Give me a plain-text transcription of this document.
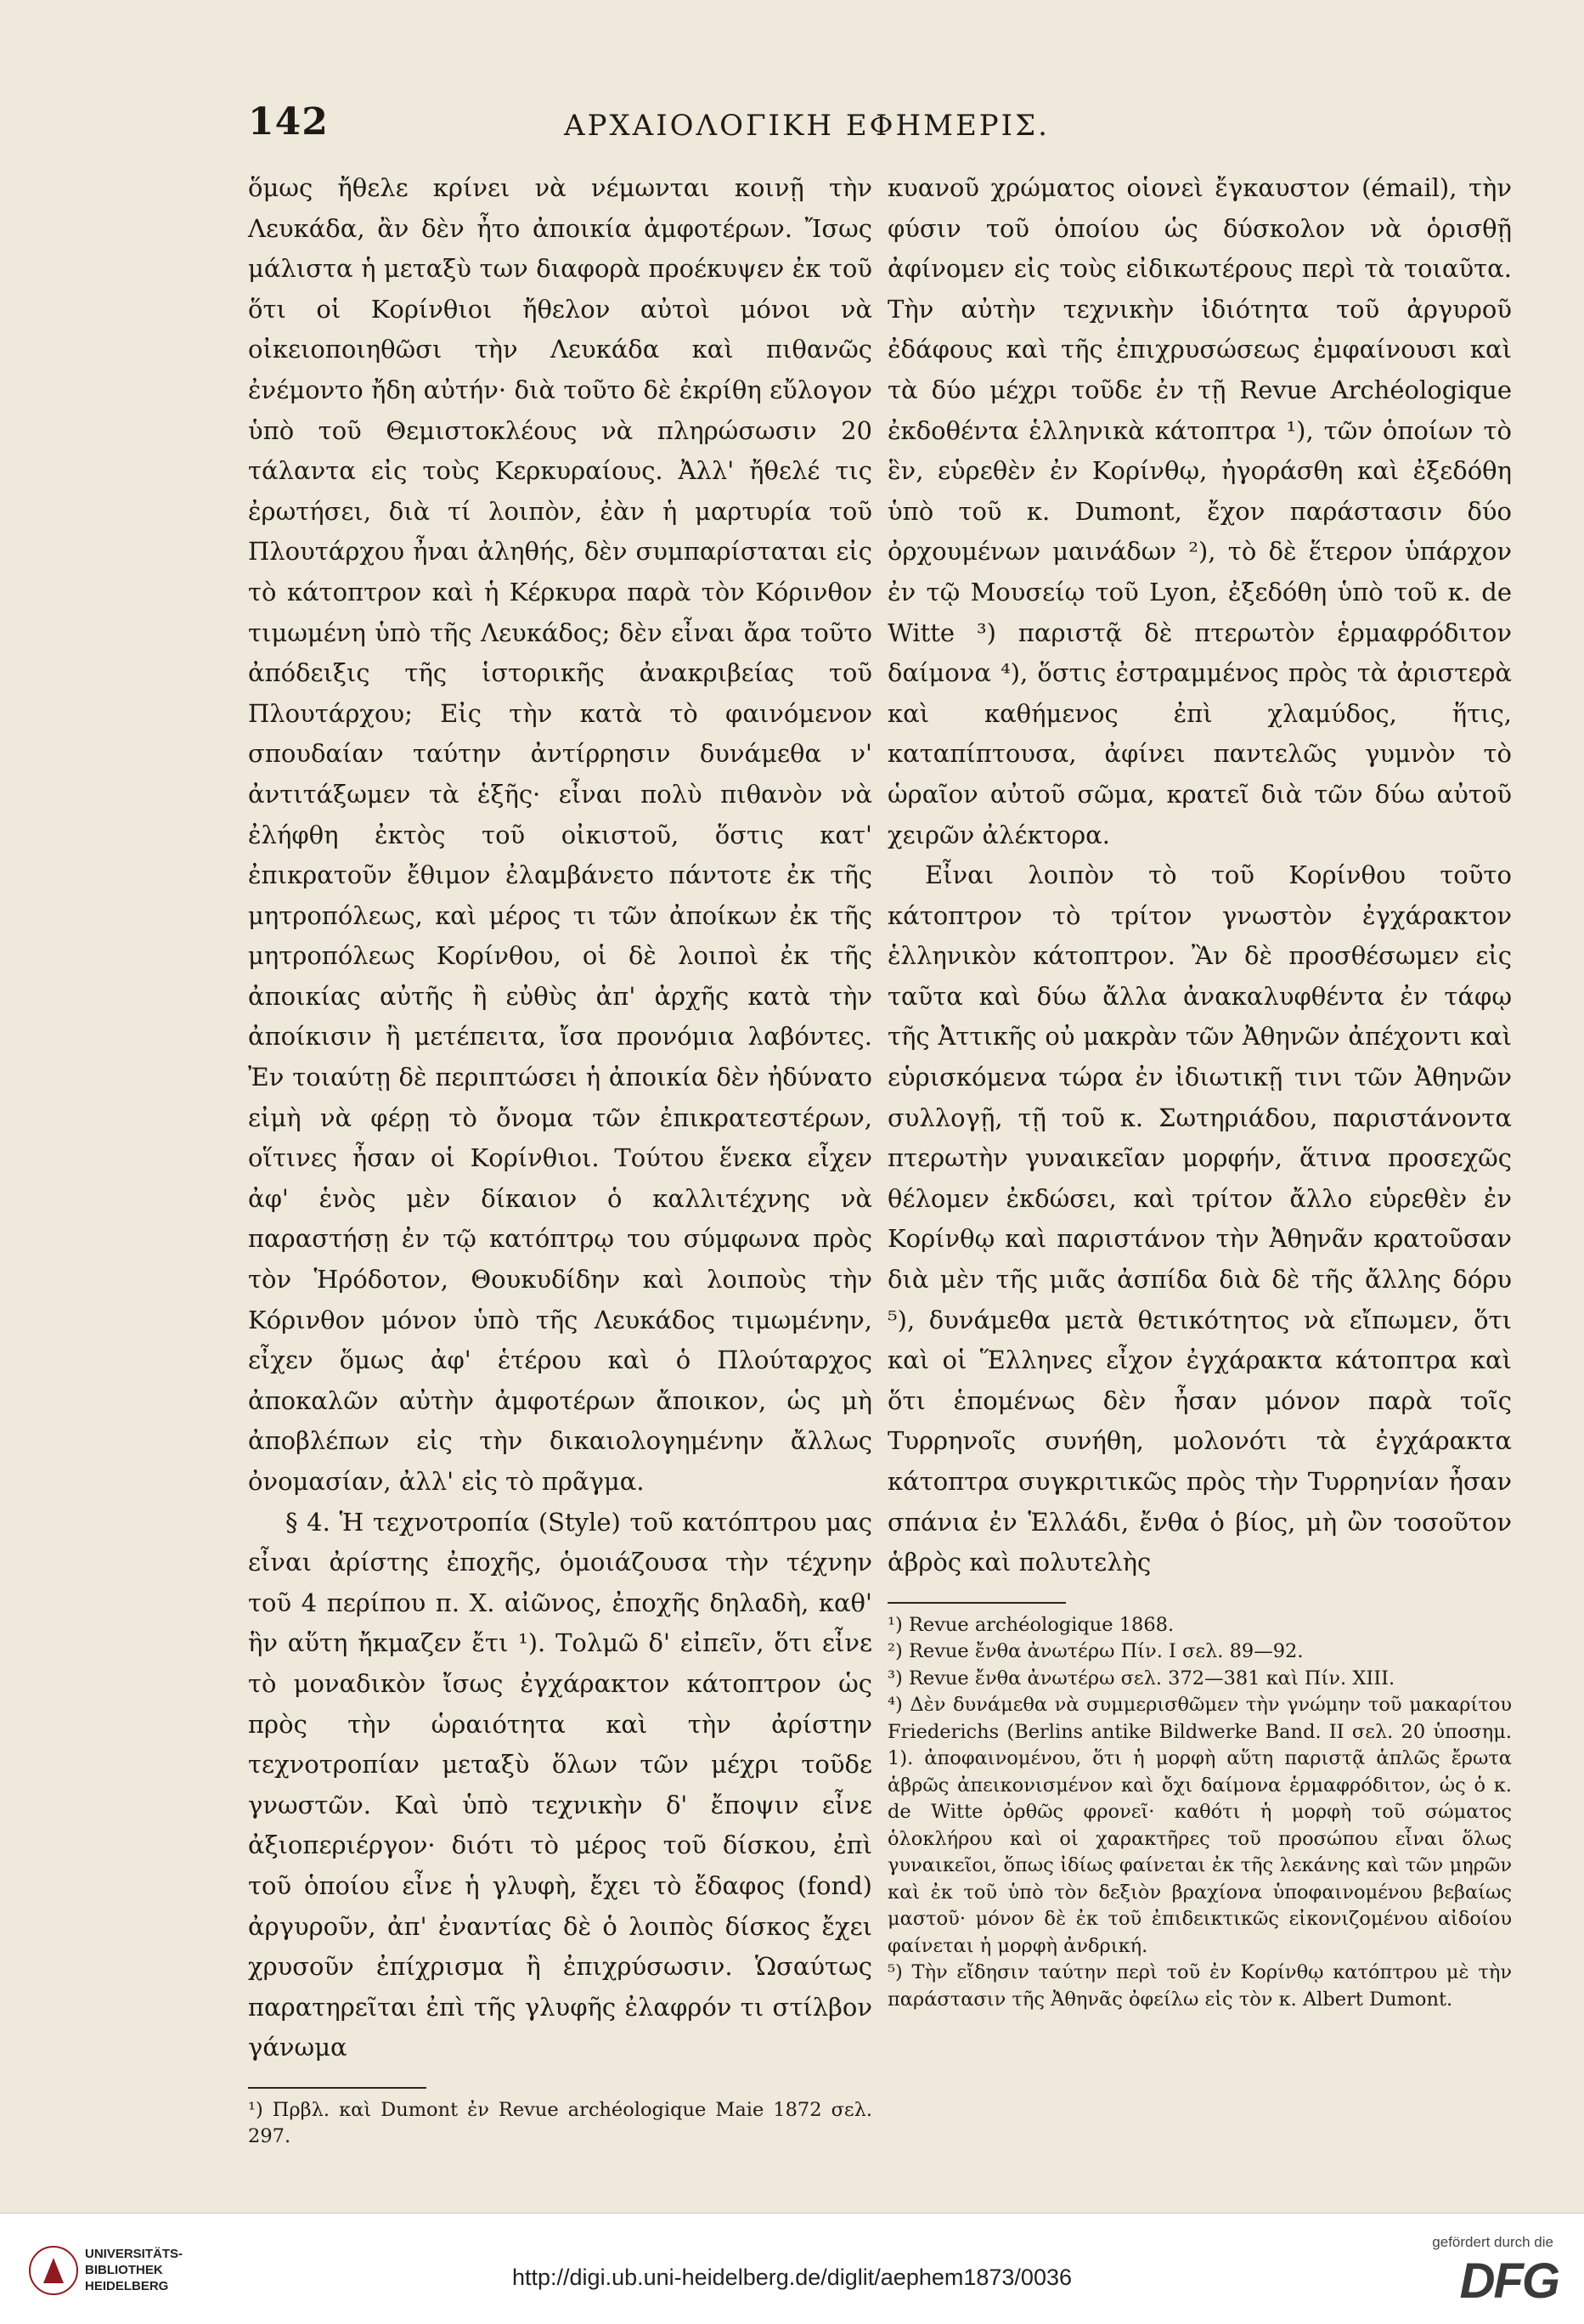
142	ΑΡΧΑΙΟΛΟΓΙΚΗ ΕΦΗΜΕΡΙΣ.

ὅμως ἤθελε κρίνει νὰ νέμωνται κοινῇ τὴν Λευκάδα, ἂν δὲν ἦτο ἀποικία ἀμφοτέρων. Ἴσως μάλιστα ἡ μεταξὺ των διαφορὰ προέκυψεν ἐκ τοῦ ὅτι οἱ Κορίνθιοι ἤθελον αὐτοὶ μόνοι νὰ οἰκειοποιηθῶσι τὴν Λευκάδα καὶ πιθανῶς ἐνέμοντο ἤδη αὐτήν· διὰ τοῦτο δὲ ἐκρίθη εὔλογον ὑπὸ τοῦ Θεμιστοκλέους νὰ πληρώσωσιν 20 τάλαντα εἰς τοὺς Κερκυραίους. Ἀλλ' ἤθελέ τις ἐρωτήσει, διὰ τί λοιπὸν, ἐὰν ἡ μαρτυρία τοῦ Πλουτάρχου ἦναι ἀληθής, δὲν συμπαρίσταται εἰς τὸ κάτοπτρον καὶ ἡ Κέρκυρα παρὰ τὸν Κόρινθον τιμωμένη ὑπὸ τῆς Λευκάδος; δὲν εἶναι ἄρα τοῦτο ἀπόδειξις τῆς ἱστορικῆς ἀνακριβείας τοῦ Πλουτάρχου; Εἰς τὴν κατὰ τὸ φαινόμενον σπουδαίαν ταύτην ἀντίρρησιν δυνάμεθα ν' ἀντιτάξωμεν τὰ ἑξῆς· εἶναι πολὺ πιθανὸν νὰ ἐλήφθη ἐκτὸς τοῦ οἰκιστοῦ, ὅστις κατ' ἐπικρατοῦν ἔθιμον ἐλαμβάνετο πάντοτε ἐκ τῆς μητροπόλεως, καὶ μέρος τι τῶν ἀποίκων ἐκ τῆς μητροπόλεως Κορίνθου, οἱ δὲ λοιποὶ ἐκ τῆς ἀποικίας αὐτῆς ἢ εὐθὺς ἀπ' ἀρχῆς κατὰ τὴν ἀποίκισιν ἢ μετέπειτα, ἴσα προνόμια λαβόντες. Ἐν τοιαύτῃ δὲ περιπτώσει ἡ ἀποικία δὲν ἠδύνατο εἰμὴ νὰ φέρῃ τὸ ὄνομα τῶν ἐπικρατεστέρων, οἵτινες ἦσαν οἱ Κορίνθιοι. Τούτου ἕνεκα εἶχεν ἀφ' ἑνὸς μὲν δίκαιον ὁ καλλιτέχνης νὰ παραστήσῃ ἐν τῷ κατόπτρῳ του σύμφωνα πρὸς τὸν Ἡρόδοτον, Θουκυδίδην καὶ λοιποὺς τὴν Κόρινθον μόνον ὑπὸ τῆς Λευκάδος τιμωμένην, εἶχεν ὅμως ἀφ' ἑτέρου καὶ ὁ Πλούταρχος ἀποκαλῶν αὐτὴν ἀμφοτέρων ἄποικον, ὡς μὴ ἀποβλέπων εἰς τὴν δικαιολογημένην ἄλλως ὀνομασίαν, ἀλλ' εἰς τὸ πρᾶγμα.

§ 4. Ἡ τεχνοτροπία (Style) τοῦ κατόπτρου μας εἶναι ἀρίστης ἐποχῆς, ὁμοιάζουσα τὴν τέχνην τοῦ 4 περίπου π. Χ. αἰῶνος, ἐποχῆς δηλαδὴ, καθ' ἣν αὕτη ἤκμαζεν ἔτι ¹). Τολμῶ δ' εἰπεῖν, ὅτι εἶνε τὸ μοναδικὸν ἴσως ἐγχάρακτον κάτοπτρον ὡς πρὸς τὴν ὡραιότητα καὶ τὴν ἀρίστην τεχνοτροπίαν μεταξὺ ὅλων τῶν μέχρι τοῦδε γνωστῶν. Καὶ ὑπὸ τεχνικὴν δ' ἔποψιν εἶνε ἀξιοπεριέργον· διότι τὸ μέρος τοῦ δίσκου, ἐπὶ τοῦ ὁποίου εἶνε ἡ γλυφὴ, ἔχει τὸ ἔδαφος (fond) ἀργυροῦν, ἀπ' ἐναντίας δὲ ὁ λοιπὸς δίσκος ἔχει χρυσοῦν ἐπίχρισμα ἢ ἐπιχρύσωσιν. Ὡσαύτως παρατηρεῖται ἐπὶ τῆς γλυφῆς ἐλαφρόν τι στίλβον γάνωμα

¹) Πρβλ. καὶ Dumont ἐν Revue archéologique Maie 1872 σελ. 297.

κυανοῦ χρώματος οἱονεὶ ἔγκαυστον (émail), τὴν φύσιν τοῦ ὁποίου ὡς δύσκολον νὰ ὁρισθῇ ἀφίνομεν εἰς τοὺς εἰδικωτέρους περὶ τὰ τοιαῦτα. Τὴν αὐτὴν τεχνικὴν ἰδιότητα τοῦ ἀργυροῦ ἐδάφους καὶ τῆς ἐπιχρυσώσεως ἐμφαίνουσι καὶ τὰ δύο μέχρι τοῦδε ἐν τῇ Revue Archéologique ἐκδοθέντα ἑλληνικὰ κάτοπτρα ¹), τῶν ὁποίων τὸ ἓν, εὑρεθὲν ἐν Κορίνθῳ, ἠγοράσθη καὶ ἐξεδόθη ὑπὸ τοῦ κ. Dumont, ἔχον παράστασιν δύο ὀρχουμένων μαινάδων ²), τὸ δὲ ἕτερον ὑπάρχον ἐν τῷ Μουσείῳ τοῦ Lyon, ἐξεδόθη ὑπὸ τοῦ κ. de Witte ³) παριστᾷ δὲ πτερωτὸν ἑρμαφρόδιτον δαίμονα ⁴), ὅστις ἐστραμμένος πρὸς τὰ ἀριστερὰ καὶ καθήμενος ἐπὶ χλαμύδος, ἥτις, καταπίπτουσα, ἀφίνει παντελῶς γυμνὸν τὸ ὡραῖον αὐτοῦ σῶμα, κρατεῖ διὰ τῶν δύω αὐτοῦ χειρῶν ἀλέκτορα.

Εἶναι λοιπὸν τὸ τοῦ Κορίνθου τοῦτο κάτοπτρον τὸ τρίτον γνωστὸν ἐγχάρακτον ἑλληνικὸν κάτοπτρον. Ἂν δὲ προσθέσωμεν εἰς ταῦτα καὶ δύω ἄλλα ἀνακαλυφθέντα ἐν τάφῳ τῆς Ἀττικῆς οὐ μακρὰν τῶν Ἀθηνῶν ἀπέχοντι καὶ εὑρισκόμενα τώρα ἐν ἰδιωτικῇ τινι τῶν Ἀθηνῶν συλλογῇ, τῇ τοῦ κ. Σωτηριάδου, παριστάνοντα πτερωτὴν γυναικεῖαν μορφήν, ἅτινα προσεχῶς θέλομεν ἐκδώσει, καὶ τρίτον ἄλλο εὑρεθὲν ἐν Κορίνθῳ καὶ παριστάνον τὴν Ἀθηνᾶν κρατοῦσαν διὰ μὲν τῆς μιᾶς ἀσπίδα διὰ δὲ τῆς ἄλλης δόρυ ⁵), δυνάμεθα μετὰ θετικότητος νὰ εἴπωμεν, ὅτι καὶ οἱ Ἕλληνες εἶχον ἐγχάρακτα κάτοπτρα καὶ ὅτι ἑπομένως δὲν ἦσαν μόνον παρὰ τοῖς Τυρρηνοῖς συνήθη, μολονότι τὰ ἐγχάρακτα κάτοπτρα συγκριτικῶς πρὸς τὴν Τυρρηνίαν ἦσαν σπάνια ἐν Ἑλλάδι, ἔνθα ὁ βίος, μὴ ὢν τοσοῦτον ἁβρὸς καὶ πολυτελὴς

¹) Revue archéologique 1868.

²) Revue ἔνθα ἀνωτέρω Πίν. I σελ. 89—92.

³) Revue ἔνθα ἀνωτέρω σελ. 372—381 καὶ Πίν. XIII.

⁴) Δὲν δυνάμεθα νὰ συμμερισθῶμεν τὴν γνώμην τοῦ μακαρίτου Friederichs (Berlins antike Bildwerke Band. II σελ. 20 ὑποσημ. 1). ἀποφαινομένου, ὅτι ἡ μορφὴ αὕτη παριστᾷ ἁπλῶς ἔρωτα ἁβρῶς ἀπεικονισμένον καὶ ὄχι δαίμονα ἑρμαφρόδιτον, ὡς ὁ κ. de Witte ὀρθῶς φρονεῖ· καθότι ἡ μορφὴ τοῦ σώματος ὁλοκλήρου καὶ οἱ χαρακτῆρες τοῦ προσώπου εἶναι ὅλως γυναικεῖοι, ὅπως ἰδίως φαίνεται ἐκ τῆς λεκάνης καὶ τῶν μηρῶν καὶ ἐκ τοῦ ὑπὸ τὸν δεξιὸν βραχίονα ὑποφαινομένου βεβαίως μαστοῦ· μόνον δὲ ἐκ τοῦ ἐπιδεικτικῶς εἰκονιζομένου αἰδοίου φαίνεται ἡ μορφὴ ἀνδρική.

⁵) Τὴν εἴδησιν ταύτην περὶ τοῦ ἐν Κορίνθῳ κατόπτρου μὲ τὴν παράστασιν τῆς Ἀθηνᾶς ὀφείλω εἰς τὸν κ. Albert Dumont.

UNIVERSITÄTS-
BIBLIOTHEK
HEIDELBERG	http://digi.ub.uni-heidelberg.de/diglit/aephem1873/0036
gefördert durch die
DFG
